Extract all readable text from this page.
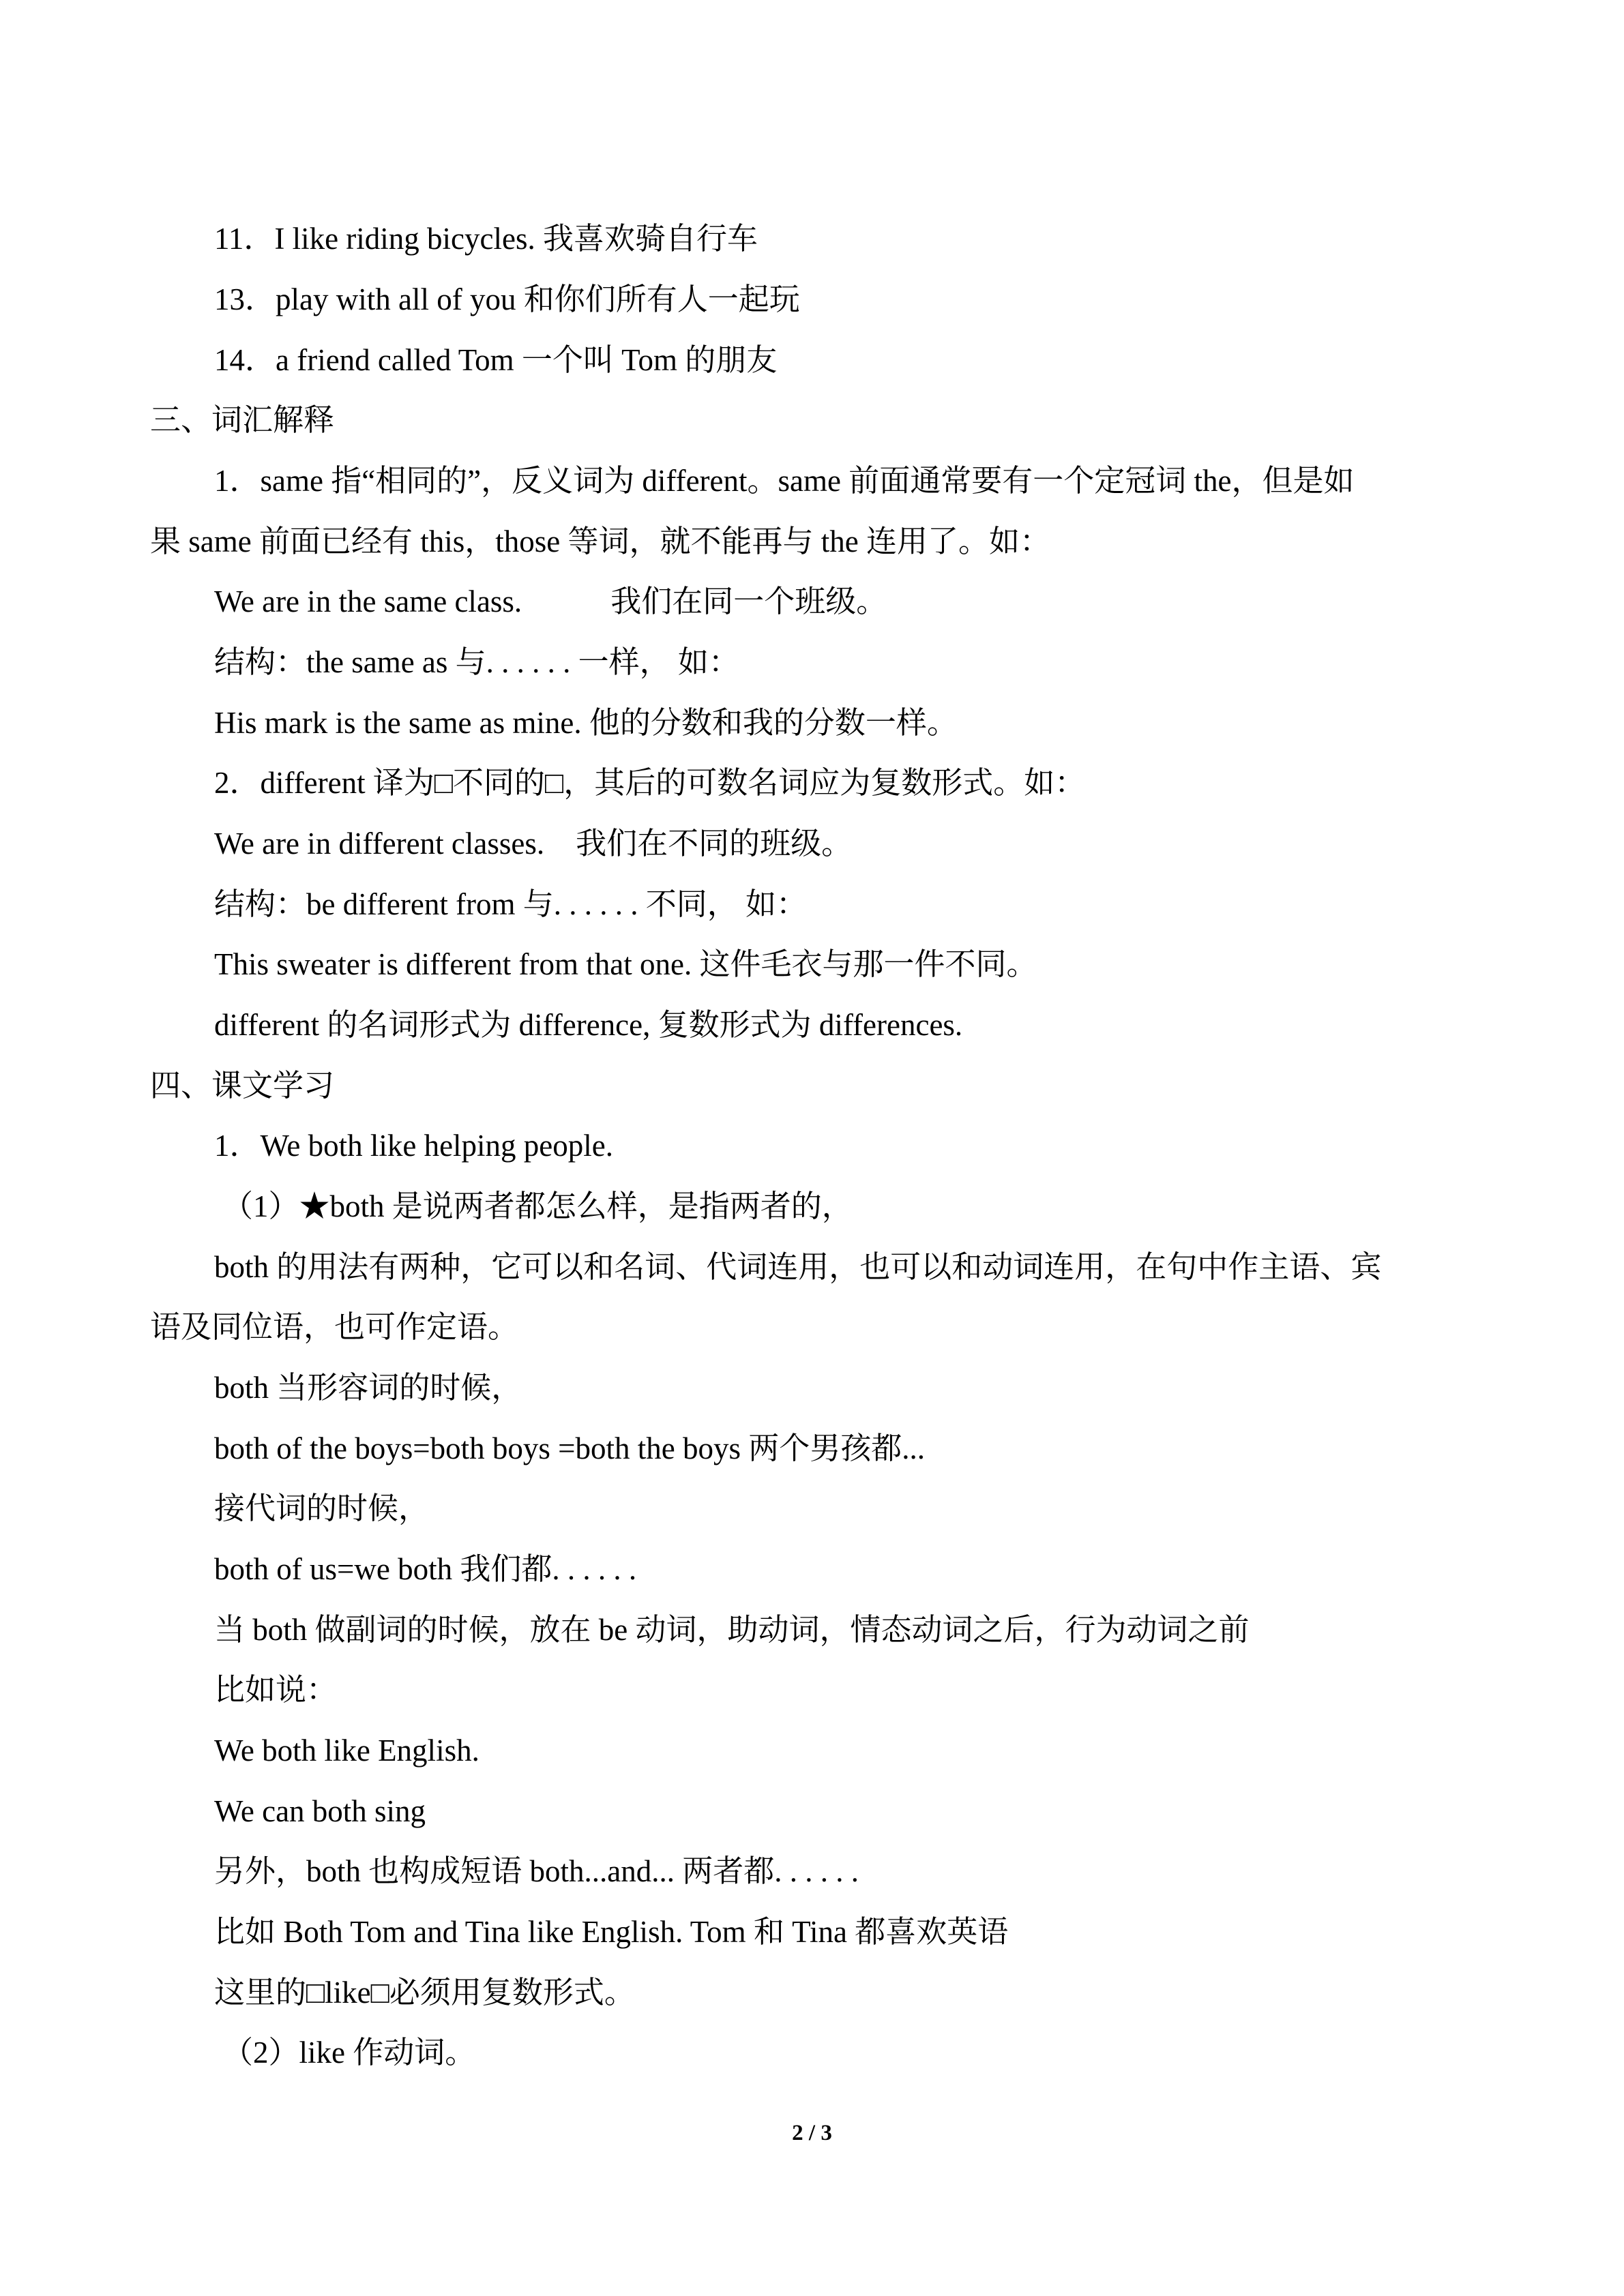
11．I like riding bicycles. 我喜欢骑自行车
13．play with all of you 和你们所有人一起玩
14．a friend called Tom 一个叫 Tom 的朋友
三、词汇解释
1．same 指“相同的”，反义词为 different。same 前面通常要有一个定冠词 the，但是如
果 same 前面已经有 this，those 等词，就不能再与 the 连用了。如：
We are in the same class.	我们在同一个班级。
结构：the same as 与. . . . . . 一样， 如：
His mark is the same as mine. 他的分数和我的分数一样。
2．different 译为□不同的□，其后的可数名词应为复数形式。如：
We are in different classes. 我们在不同的班级。
结构：be different from 与. . . . . . 不同， 如：
This sweater is different from that one. 这件毛衣与那一件不同。
different 的名词形式为 difference, 复数形式为 differences.
四、课文学习
1．We both like helping people.
（1）★both 是说两者都怎么样，是指两者的，
both 的用法有两种，它可以和名词、代词连用，也可以和动词连用，在句中作主语、宾
语及同位语，也可作定语。
both 当形容词的时候，
both of the boys=both boys =both the boys 两个男孩都...
接代词的时候，
both of us=we both 我们都. . . . . .
当 both 做副词的时候，放在 be 动词，助动词，情态动词之后，行为动词之前
比如说：
We both like English.
We can both sing
另外，both 也构成短语 both...and... 两者都. . . . . .
比如 Both Tom and Tina like English. Tom 和 Tina 都喜欢英语
这里的□like□必须用复数形式。
（2）like 作动词。
2 / 3
